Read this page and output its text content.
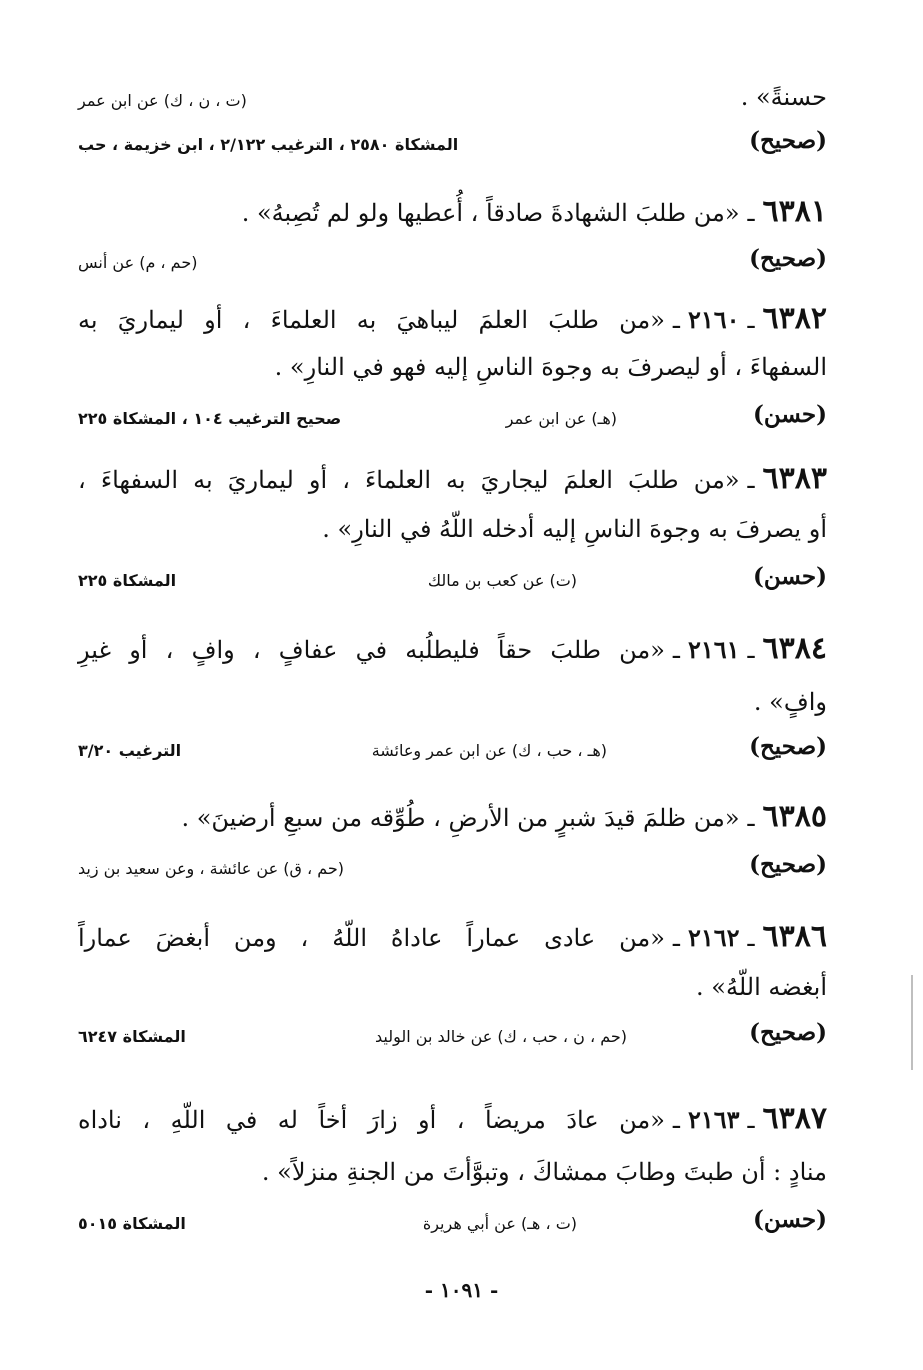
حسنةً» .
(ت ، ن ، ك) عن ابن عمر
(صحيح)
المشكاة ٢٥٨٠ ، الترغيب ٢/١٢٢ ، ابن خزيمة ، حب
٦٣٨١ـ«من طلبَ الشهادةَ صادقاً ، أُعطيها ولو لم تُصِبهُ» .
(صحيح)
(حم ، م) عن أنس
٦٣٨٢ـ٢١٦٠ـ«من طلبَ العلمَ ليباهيَ به العلماءَ ، أو ليماريَ به
السفهاءَ ، أو ليصرفَ به وجوهَ الناسِ إليه فهو في النارِ» .
(حسن)
(هـ) عن ابن عمر
صحيح الترغيب ١٠٤ ، المشكاة ٢٢٥
٦٣٨٣ـ«من طلبَ العلمَ ليجاريَ به العلماءَ ، أو ليماريَ به السفهاءَ ،
أو يصرفَ به وجوهَ الناسِ إليه أدخله اللّهُ في النارِ» .
(حسن)
(ت) عن كعب بن مالك
المشكاة ٢٢٥
٦٣٨٤ـ٢١٦١ـ«من طلبَ حقاً فليطلُبه في عفافٍ ، وافٍ ، أو غيرِ
وافٍ» .
(صحيح)
(هـ ، حب ، ك) عن ابن عمر وعائشة
الترغيب ٣/٢٠
٦٣٨٥ـ«من ظلمَ قيدَ شبرٍ من الأرضِ ، طُوِّقه من سبعِ أرضينَ» .
(صحيح)
(حم ، ق) عن عائشة ، وعن سعيد بن زيد
٦٣٨٦ـ٢١٦٢ـ«من عادى عماراً عاداهُ اللّهُ ، ومن أبغضَ عماراً
أبغضه اللّهُ» .
(صحيح)
(حم ، ن ، حب ، ك) عن خالد بن الوليد
المشكاة ٦٢٤٧
٦٣٨٧ـ٢١٦٣ـ«من عادَ مريضاً ، أو زارَ أخاً له في اللّهِ ، ناداه
منادٍ : أن طبتَ وطابَ ممشاكَ ، وتبوَّأتَ من الجنةِ منزلاً» .
(حسن)
(ت ، هـ) عن أبي هريرة
المشكاة ٥٠١٥
- ١٠٩١ -
